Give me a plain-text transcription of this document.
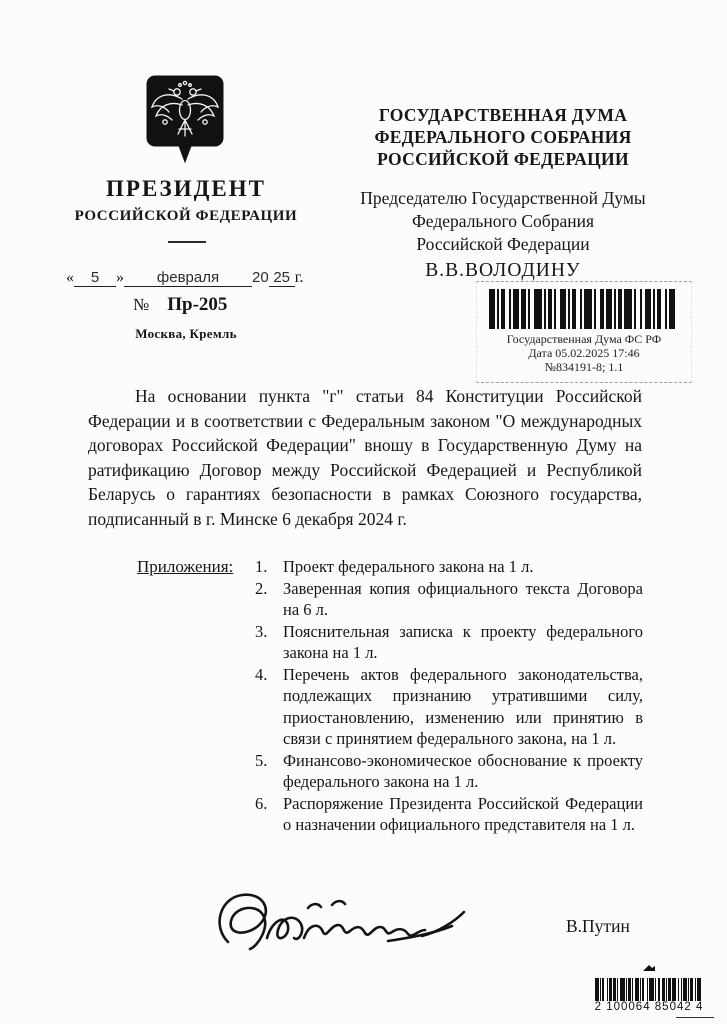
ПРЕЗИДЕНТ
РОССИЙСКОЙ ФЕДЕРАЦИИ
ГОСУДАРСТВЕННАЯ ДУМА
ФЕДЕРАЛЬНОГО СОБРАНИЯ
РОССИЙСКОЙ ФЕДЕРАЦИИ
Председателю Государственной Думы
Федерального Собрания
Российской Федерации
В.В.ВОЛОДИНУ
« 5 » февраля 20 25 г.
№ Пр-205
Москва, Кремль	Государственная Дума ФС РФ
Дата 05.02.2025 17:46
№834191-8; 1.1
На основании пункта "г" статьи 84 Конституции Российской Федерации и в соответствии с Федеральным законом "О международных договорах Российской Федерации" вношу в Государственную Думу на ратификацию Договор между Российской Федерацией и Республикой Беларусь о гарантиях безопасности в рамках Союзного государства, подписанный в г. Минске 6 декабря 2024 г.
Приложения:	Проект федерального закона на 1 л.
Заверенная копия официального текста Договора на 6 л.
Пояснительная записка к проекту федерального закона на 1 л.
Перечень актов федерального законодательства, подлежащих признанию утратившими силу, приостановлению, изменению или принятию в связи с принятием федерального закона, на 1 л.
Финансово-экономическое обоснование к проекту федерального закона на 1 л.
Распоряжение Президента Российской Федерации о назначении официального представителя на 1 л.
В.Путин
2 100064 85042 4
